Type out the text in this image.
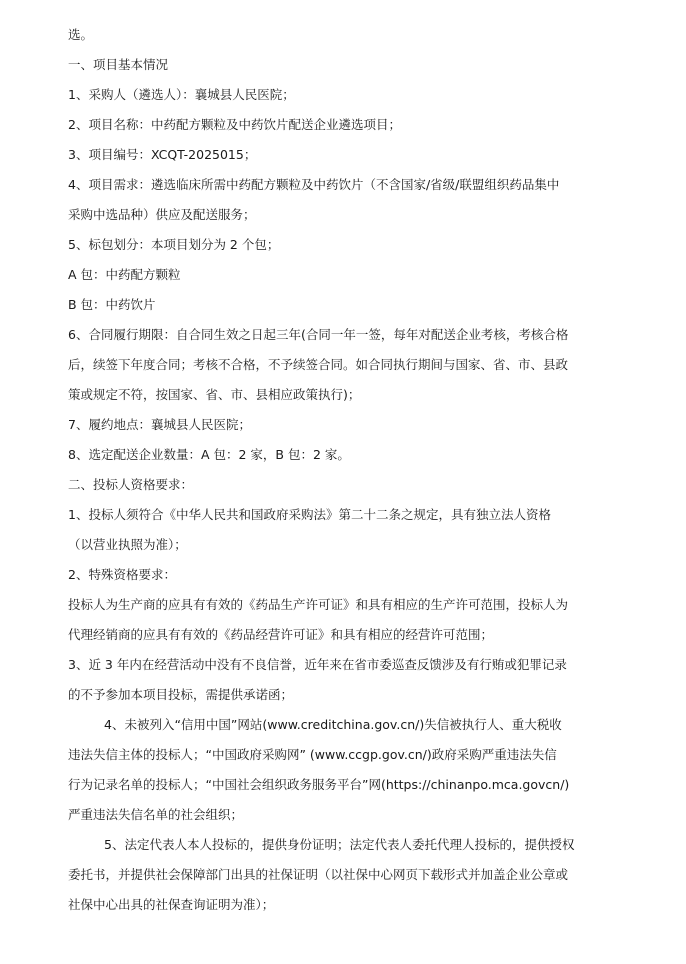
选。
一、项目基本情况
1、采购人（遴选人）：襄城县人民医院；
2、项目名称：中药配方颗粒及中药饮片配送企业遴选项目；
3、项目编号：XCQT-2025015；
4、项目需求：遴选临床所需中药配方颗粒及中药饮片（不含国家/省级/联盟组织药品集中
采购中选品种）供应及配送服务；
5、标包划分：本项目划分为 2 个包；
A 包：中药配方颗粒
B 包：中药饮片
6、合同履行期限：自合同生效之日起三年(合同一年一签，每年对配送企业考核，考核合格
后，续签下年度合同；考核不合格，不予续签合同。如合同执行期间与国家、省、市、县政
策或规定不符，按国家、省、市、县相应政策执行)；
7、履约地点：襄城县人民医院；
8、选定配送企业数量：A 包：2 家，B 包：2 家。
二、投标人资格要求：
1、投标人须符合《中华人民共和国政府采购法》第二十二条之规定，具有独立法人资格
（以营业执照为准）；
2、特殊资格要求：
投标人为生产商的应具有有效的《药品生产许可证》和具有相应的生产许可范围，投标人为
代理经销商的应具有有效的《药品经营许可证》和具有相应的经营许可范围；
3、近 3 年内在经营活动中没有不良信誉，近年来在省市委巡查反馈涉及有行贿或犯罪记录
的不予参加本项目投标，需提供承诺函；
4、未被列入“信用中国”网站(www.creditchina.gov.cn/)失信被执行人、重大税收
违法失信主体的投标人；“中国政府采购网” (www.ccgp.gov.cn/)政府采购严重违法失信
行为记录名单的投标人；“中国社会组织政务服务平台”网(https://chinanpo.mca.govcn/)
严重违法失信名单的社会组织；
5、法定代表人本人投标的，提供身份证明；法定代表人委托代理人投标的，提供授权
委托书，并提供社会保障部门出具的社保证明（以社保中心网页下载形式并加盖企业公章或
社保中心出具的社保查询证明为准）；
